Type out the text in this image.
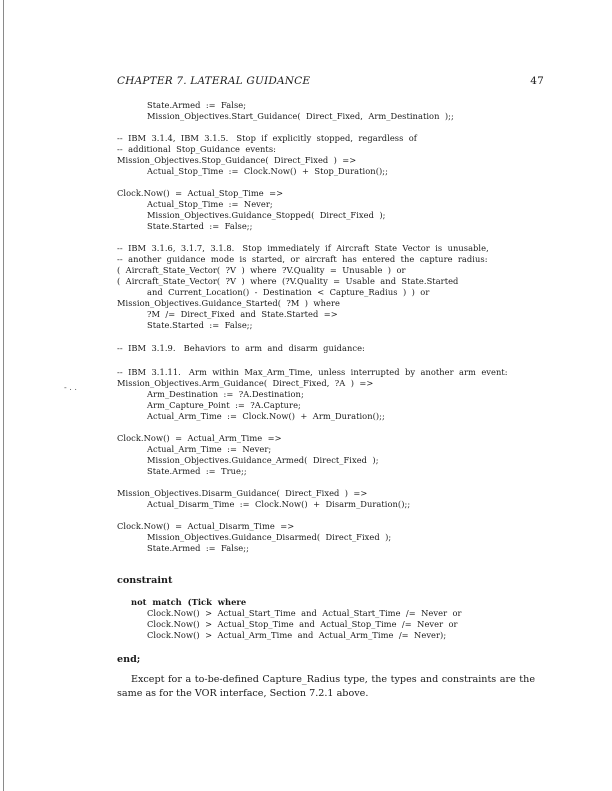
CHAPTER 7. LATERAL GUIDANCE	47
- . .
State.Armed  :=  False;
Mission_Objectives.Start_Guidance(  Direct_Fixed,  Arm_Destination  );;
--  IBM  3.1.4,  IBM  3.1.5.   Stop  if  explicitly  stopped,  regardless  of
--  additional  Stop_Guidance  events:
Mission_Objectives.Stop_Guidance(  Direct_Fixed  )  =>
Actual_Stop_Time  :=  Clock.Now()  +  Stop_Duration();;
Clock.Now()  =  Actual_Stop_Time  =>
Actual_Stop_Time  :=  Never;
Mission_Objectives.Guidance_Stopped(  Direct_Fixed  );
State.Started  :=  False;;
--  IBM  3.1.6,  3.1.7,  3.1.8.   Stop  immediately  if  Aircraft  State  Vector  is  unusable,
--  another  guidance  mode  is  started,  or  aircraft  has  entered  the  capture  radius:
(  Aircraft_State_Vector(  ?V  )  where  ?V.Quality  =  Unusable  )  or
(  Aircraft_State_Vector(  ?V  )  where  (?V.Quality  =  Usable  and  State.Started
and  Current_Location()  -  Destination  <  Capture_Radius  )  )  or
Mission_Objectives.Guidance_Started(  ?M  )  where
?M  /=  Direct_Fixed  and  State.Started  =>
State.Started  :=  False;;
--  IBM  3.1.9.   Behaviors  to  arm  and  disarm  guidance:
--  IBM  3.1.11.   Arm  within  Max_Arm_Time,  unless  interrupted  by  another  arm  event:
Mission_Objectives.Arm_Guidance(  Direct_Fixed,  ?A  )  =>
Arm_Destination  :=  ?A.Destination;
Arm_Capture_Point  :=  ?A.Capture;
Actual_Arm_Time  :=  Clock.Now()  +  Arm_Duration();;
Clock.Now()  =  Actual_Arm_Time  =>
Actual_Arm_Time  :=  Never;
Mission_Objectives.Guidance_Armed(  Direct_Fixed  );
State.Armed  :=  True;;
Mission_Objectives.Disarm_Guidance(  Direct_Fixed  )  =>
Actual_Disarm_Time  :=  Clock.Now()  +  Disarm_Duration();;
Clock.Now()  =  Actual_Disarm_Time  =>
Mission_Objectives.Guidance_Disarmed(  Direct_Fixed  );
State.Armed  :=  False;;
constraint
not  match  (Tick  where
Clock.Now()  >  Actual_Start_Time  and  Actual_Start_Time  /=  Never  or
Clock.Now()  >  Actual_Stop_Time  and  Actual_Stop_Time  /=  Never  or
Clock.Now()  >  Actual_Arm_Time  and  Actual_Arm_Time  /=  Never);
end;

Except for a to-be-defined Capture_Radius type, the types and constraints are the same as for the VOR interface, Section 7.2.1 above.
